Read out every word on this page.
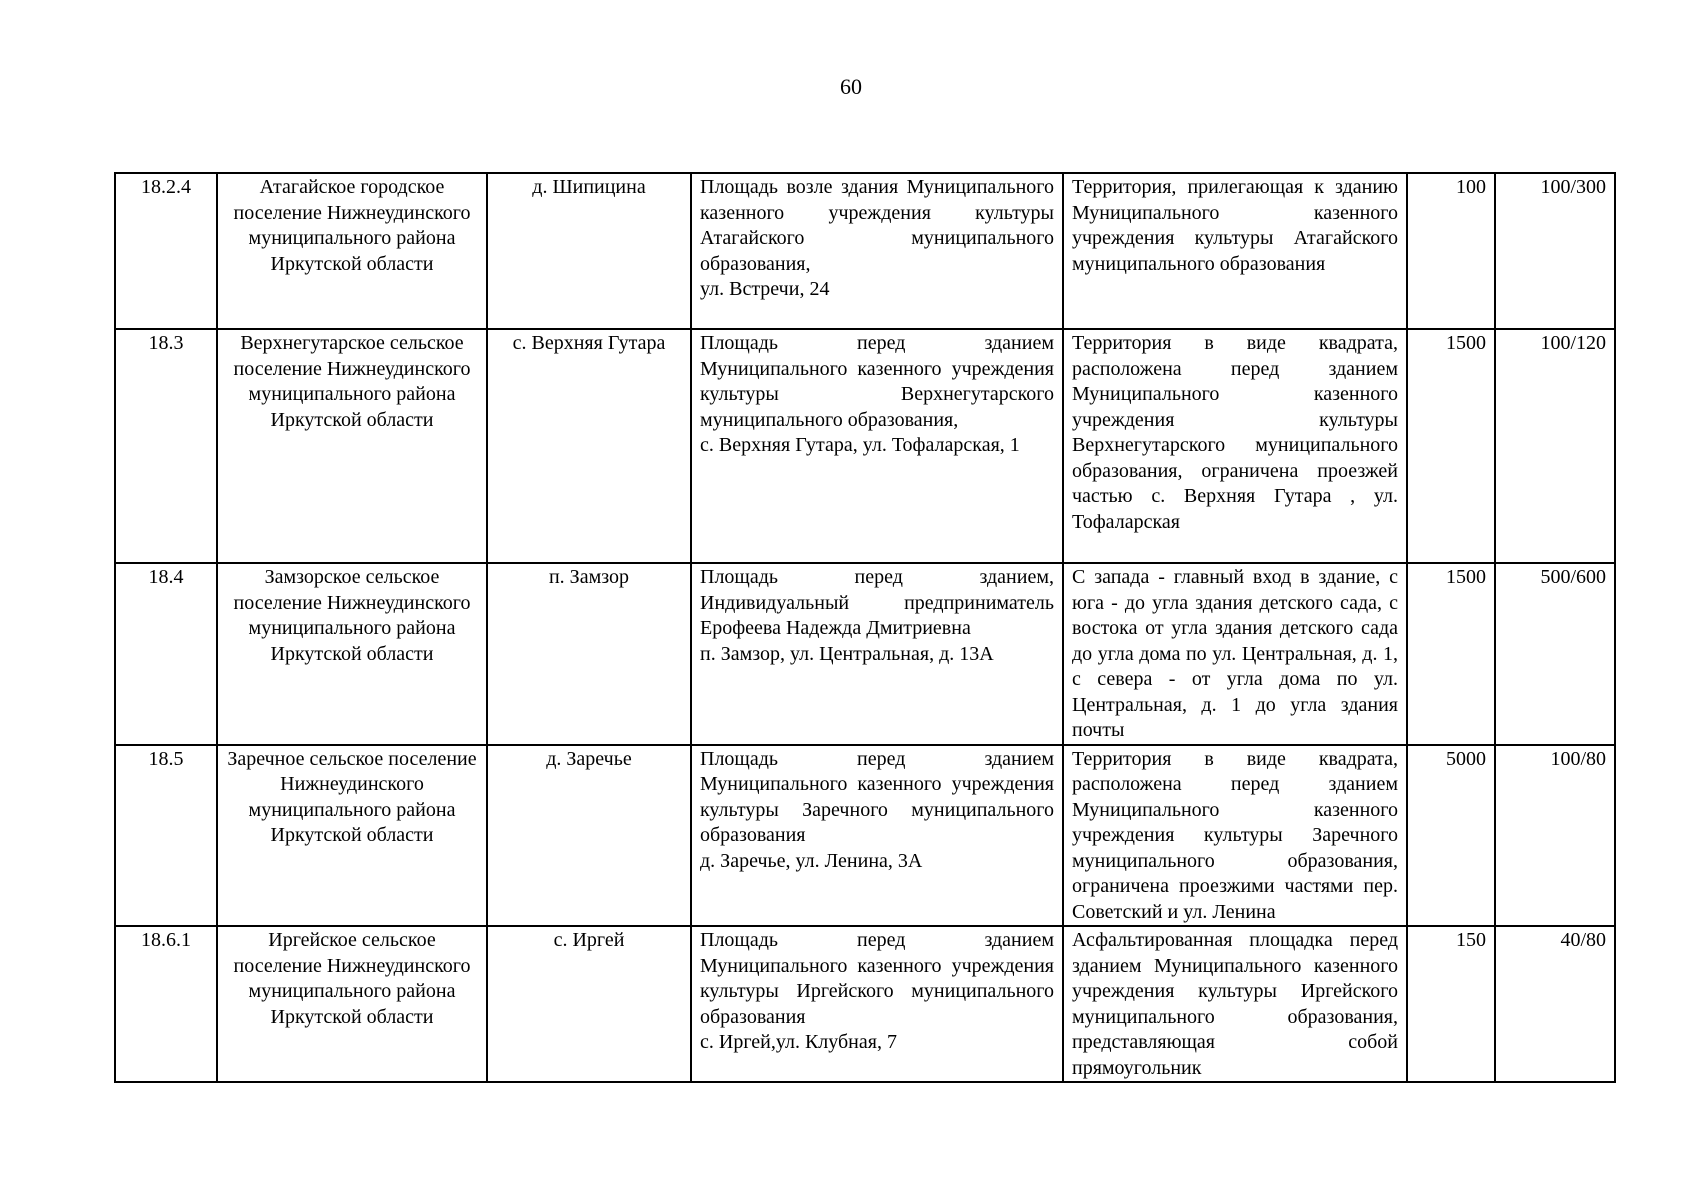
60
18.2.4	Атагайское городское поселение Нижнеудинского муниципального района Иркутской области	д. Шипицина	Площадь возле здания Муниципального казенного учреждения культуры Атагайского муниципального образования,
ул. Встречи, 24	Территория, прилегающая к зданию Муниципального казенного учреждения культуры Атагайского муниципального образования	100	100/300
18.3	Верхнегутарское сельское поселение Нижнеудинского муниципального района Иркутской области	с. Верхняя Гутара	Площадь перед зданием Муниципального казенного учреждения культуры Верхнегутарского муниципального образования,
с. Верхняя Гутара, ул. Тофаларская, 1	Территория в виде квадрата, расположена перед зданием Муниципального казенного учреждения культуры Верхнегутарского муниципального образования, ограничена проезжей частью с. Верхняя Гутара , ул. Тофаларская	1500	100/120
18.4	Замзорское сельское поселение Нижнеудинского муниципального района Иркутской области	п. Замзор	Площадь перед зданием, Индивидуальный предприниматель Ерофеева Надежда Дмитриевна
п. Замзор, ул. Центральная, д. 13А	С запада - главный вход в здание, с юга - до угла здания детского сада, с востока от угла здания детского сада до угла дома по ул. Центральная, д. 1, с севера - от угла дома по ул. Центральная, д. 1 до угла здания почты	1500	500/600
18.5	Заречное сельское поселение Нижнеудинского муниципального района Иркутской области	д. Заречье	Площадь перед зданием Муниципального казенного учреждения культуры Заречного муниципального образования
д. Заречье, ул. Ленина, 3А	Территория в виде квадрата, расположена перед зданием Муниципального казенного учреждения культуры Заречного муниципального образования, ограничена проезжими частями пер. Советский и ул. Ленина	5000	100/80
18.6.1	Иргейское сельское поселение Нижнеудинского муниципального района Иркутской области	с. Иргей	Площадь перед зданием Муниципального казенного учреждения культуры Иргейского муниципального образования
с. Иргей,ул. Клубная, 7	Асфальтированная площадка перед зданием Муниципального казенного учреждения культуры Иргейского муниципального образования, представляющая собой прямоугольник	150	40/80
